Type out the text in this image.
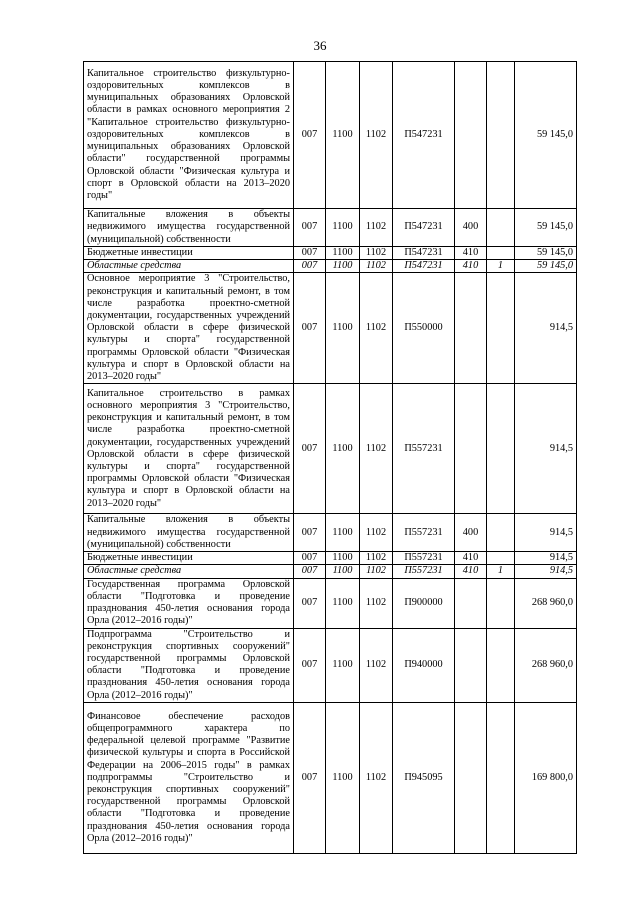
36
Капитальное строительство физкультурно-оздоровительных комплексов в муниципальных образованиях Орловской области в рамках основного мероприятия 2 "Капитальное строительство физкультурно-оздоровительных комплексов в муниципальных образованиях Орловской области" государственной программы Орловской области "Физическая культура и спорт в Орловской области на 2013–2020 годы"	007	1100	1102	П547231			59 145,0
Капитальные вложения в объекты недвижимого имущества государственной (муниципальной) собственности	007	1100	1102	П547231	400		59 145,0
Бюджетные инвестиции	007	1100	1102	П547231	410		59 145,0
Областные средства	007	1100	1102	П547231	410	1	59 145,0
Основное мероприятие 3 "Строительство, реконструкция и капитальный ремонт, в том числе разработка проектно-сметной документации, государственных учреждений Орловской области в сфере физической культуры и спорта" государственной программы Орловской области "Физическая культура и спорт в Орловской области на 2013–2020 годы"	007	1100	1102	П550000			914,5
Капитальное строительство в рамках основного мероприятия 3 "Строительство, реконструкция и капитальный ремонт, в том числе разработка проектно-сметной документации, государственных учреждений Орловской области в сфере физической культуры и спорта" государственной программы Орловской области "Физическая культура и спорт в Орловской области на 2013–2020 годы"	007	1100	1102	П557231			914,5
Капитальные вложения в объекты недвижимого имущества государственной (муниципальной) собственности	007	1100	1102	П557231	400		914,5
Бюджетные инвестиции	007	1100	1102	П557231	410		914,5
Областные средства	007	1100	1102	П557231	410	1	914,5
Государственная программа Орловской области "Подготовка и проведение празднования 450-летия основания города Орла (2012–2016 годы)"	007	1100	1102	П900000			268 960,0
Подпрограмма "Строительство и реконструкция спортивных сооружений" государственной программы Орловской области "Подготовка и проведение празднования 450-летия основания города Орла (2012–2016 годы)"	007	1100	1102	П940000			268 960,0
Финансовое обеспечение расходов общепрограммного характера по федеральной целевой программе "Развитие физической культуры и спорта в Российской Федерации на 2006–2015 годы" в рамках подпрограммы "Строительство и реконструкция спортивных сооружений" государственной программы Орловской области "Подготовка и проведение празднования 450-летия основания города Орла (2012–2016 годы)"	007	1100	1102	П945095			169 800,0
